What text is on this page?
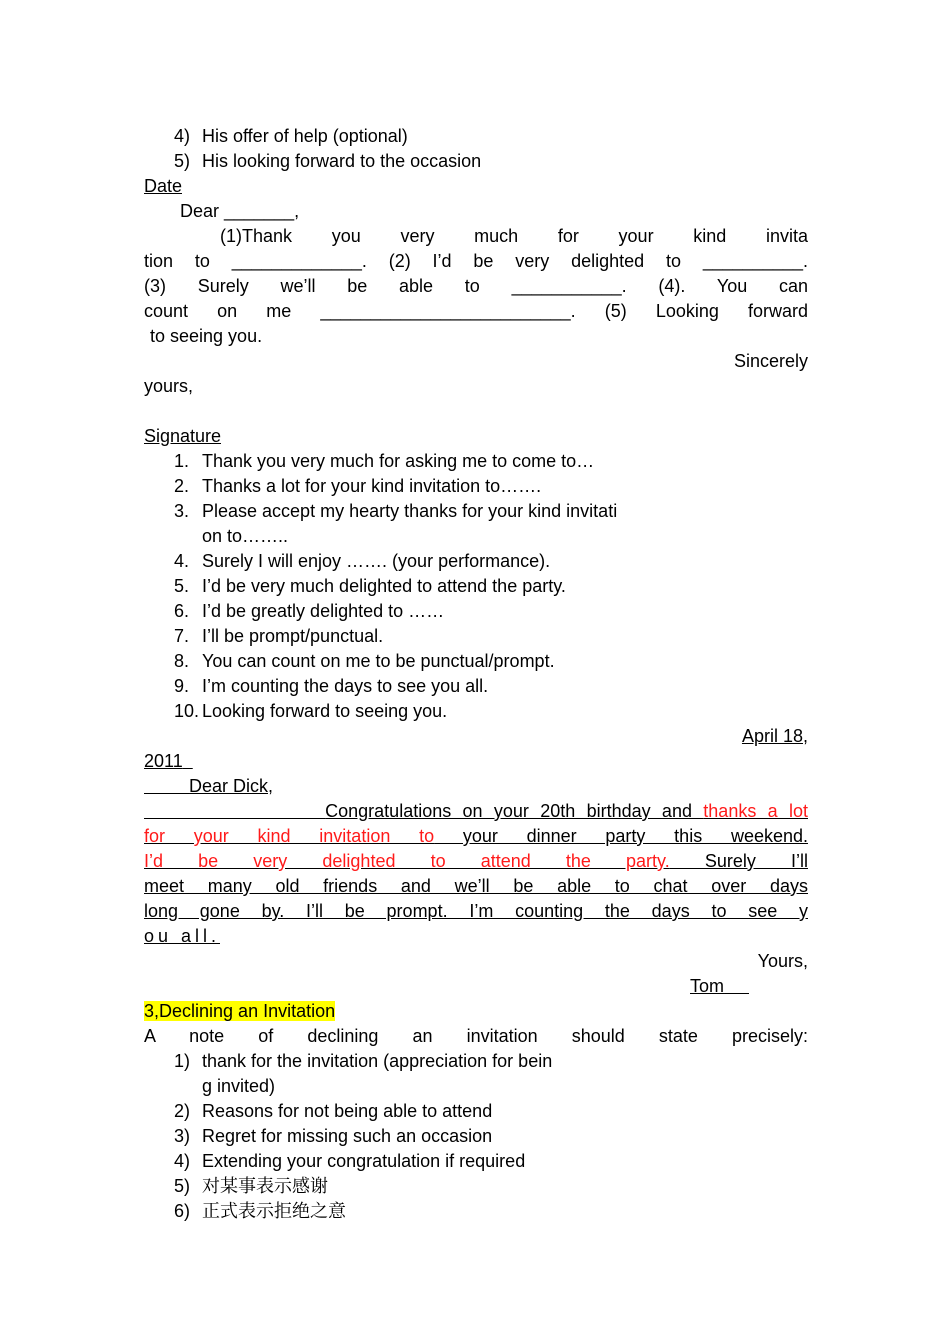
4) His offer of help (optional)
5) His looking forward to the occasion
Date
Dear _______,
(1)Thank you very much for your kind invita
tion to _____________. (2) I’d be very delighted to __________.
(3) Surely we’ll be able to ___________. (4). You can
count on me _________________________. (5) Looking forward
to seeing you.
Sincerely
yours,
Signature
1. Thank you very much for asking me to come to…
2. Thanks a lot for your kind invitation to…….
3. Please accept my hearty thanks for your kind invitati
on to……..
4. Surely I will enjoy ……. (your performance).
5. I’d be very much delighted to attend the party.
6. I’d be greatly delighted to ……
7. I’ll be prompt/punctual.
8. You can count on me to be punctual/prompt.
9. I’m counting the days to see you all.
10. Looking forward to seeing you.
April 18,
2011
Dear Dick,
Congratulations on your 20th birthday and thanks a lot
for your kind invitation to your dinner party this weekend.
I’d be very delighted to attend the party. Surely I’ll
meet many old friends and we’ll be able to chat over days
long gone by. I’ll be prompt. I’m counting the days to see y
ou all.
Yours,
Tom
3,Declining an Invitation
A note of declining an invitation should state precisely:
1) thank for the invitation (appreciation for bein
g invited)
2) Reasons for not being able to attend
3) Regret for missing such an occasion
4) Extending your congratulation if required
5) 对某事表示感谢
6) 正式表示拒绝之意
